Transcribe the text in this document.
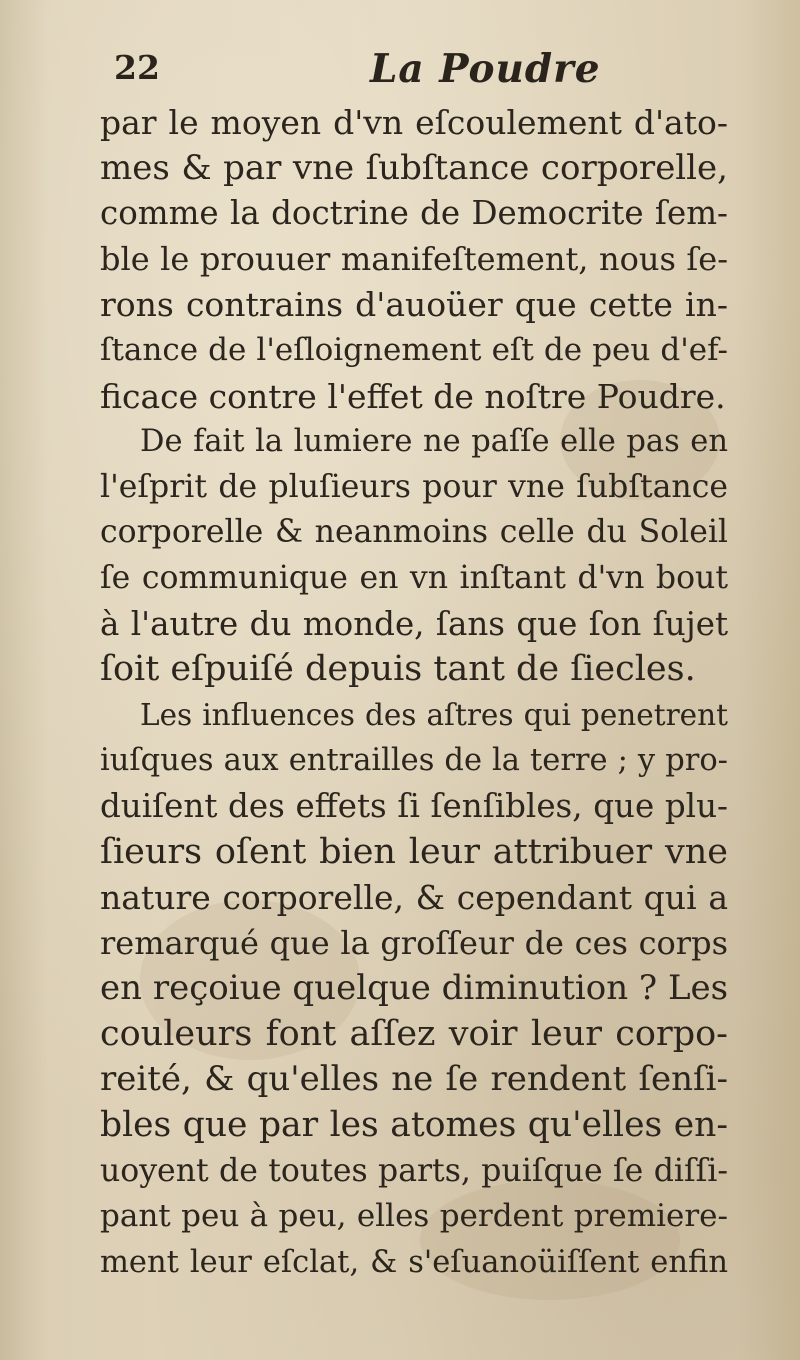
22	La Poudre
par le moyen d'vn eſcoulement d'ato-
mes & par vne ſubſtance corporelle,
comme la doctrine de Democrite ſem-
ble le prouuer manifeſtement, nous ſe-
rons contrains d'auoüer que cette in-
ſtance de l'eſloignement eſt de peu d'ef-
ficace contre l'effet de noſtre Poudre.
De fait la lumiere ne paſſe elle pas en
l'eſprit de pluſieurs pour vne ſubſtance
corporelle & neanmoins celle du Soleil
ſe communique en vn inſtant d'vn bout
à l'autre du monde, ſans que ſon ſujet
ſoit eſpuiſé depuis tant de ſiecles.
Les influences des aſtres qui penetrent
iuſques aux entrailles de la terre ; y pro-
duiſent des effets ſi ſenſibles, que plu-
ſieurs oſent bien leur attribuer vne
nature corporelle, & cependant qui a
remarqué que la groſſeur de ces corps
en reçoiue quelque diminution ? Les
couleurs font aſſez voir leur corpo-
reité, & qu'elles ne ſe rendent ſenſi-
bles que par les atomes qu'elles en-
uoyent de toutes parts, puiſque ſe diſſi-
pant peu à peu, elles perdent premiere-
ment leur eſclat, & s'eſuanoüiſſent enfin
